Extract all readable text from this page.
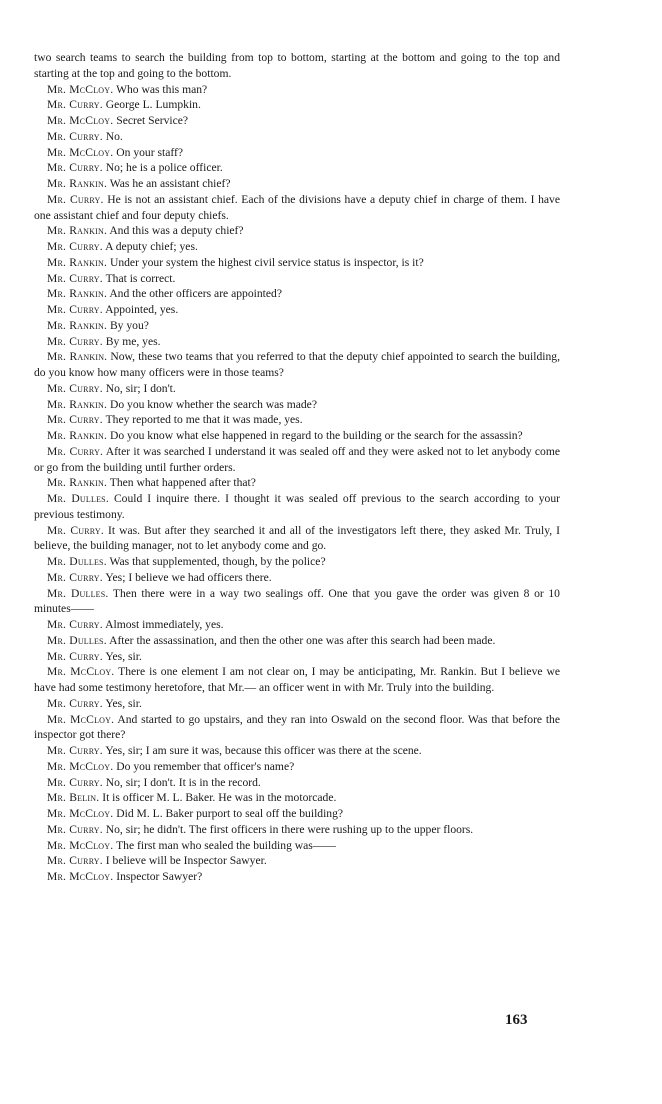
two search teams to search the building from top to bottom, starting at the bottom and going to the top and starting at the top and going to the bottom.

Mr. McCloy. Who was this man?

Mr. Curry. George L. Lumpkin.

Mr. McCloy. Secret Service?

Mr. Curry. No.

Mr. McCloy. On your staff?

Mr. Curry. No; he is a police officer.

Mr. Rankin. Was he an assistant chief?

Mr. Curry. He is not an assistant chief. Each of the divisions have a deputy chief in charge of them. I have one assistant chief and four deputy chiefs.

Mr. Rankin. And this was a deputy chief?

Mr. Curry. A deputy chief; yes.

Mr. Rankin. Under your system the highest civil service status is inspector, is it?

Mr. Curry. That is correct.

Mr. Rankin. And the other officers are appointed?

Mr. Curry. Appointed, yes.

Mr. Rankin. By you?

Mr. Curry. By me, yes.

Mr. Rankin. Now, these two teams that you referred to that the deputy chief appointed to search the building, do you know how many officers were in those teams?

Mr. Curry. No, sir; I don't.

Mr. Rankin. Do you know whether the search was made?

Mr. Curry. They reported to me that it was made, yes.

Mr. Rankin. Do you know what else happened in regard to the building or the search for the assassin?

Mr. Curry. After it was searched I understand it was sealed off and they were asked not to let anybody come or go from the building until further orders.

Mr. Rankin. Then what happened after that?

Mr. Dulles. Could I inquire there. I thought it was sealed off previous to the search according to your previous testimony.

Mr. Curry. It was. But after they searched it and all of the investigators left there, they asked Mr. Truly, I believe, the building manager, not to let anybody come and go.

Mr. Dulles. Was that supplemented, though, by the police?

Mr. Curry. Yes; I believe we had officers there.

Mr. Dulles. Then there were in a way two sealings off. One that you gave the order was given 8 or 10 minutes——

Mr. Curry. Almost immediately, yes.

Mr. Dulles. After the assassination, and then the other one was after this search had been made.

Mr. Curry. Yes, sir.

Mr. McCloy. There is one element I am not clear on, I may be anticipating, Mr. Rankin. But I believe we have had some testimony heretofore, that Mr.— an officer went in with Mr. Truly into the building.

Mr. Curry. Yes, sir.

Mr. McCloy. And started to go upstairs, and they ran into Oswald on the second floor. Was that before the inspector got there?

Mr. Curry. Yes, sir; I am sure it was, because this officer was there at the scene.

Mr. McCloy. Do you remember that officer's name?

Mr. Curry. No, sir; I don't. It is in the record.

Mr. Belin. It is officer M. L. Baker. He was in the motorcade.

Mr. McCloy. Did M. L. Baker purport to seal off the building?

Mr. Curry. No, sir; he didn't. The first officers in there were rushing up to the upper floors.

Mr. McCloy. The first man who sealed the building was——

Mr. Curry. I believe will be Inspector Sawyer.

Mr. McCloy. Inspector Sawyer?

163
